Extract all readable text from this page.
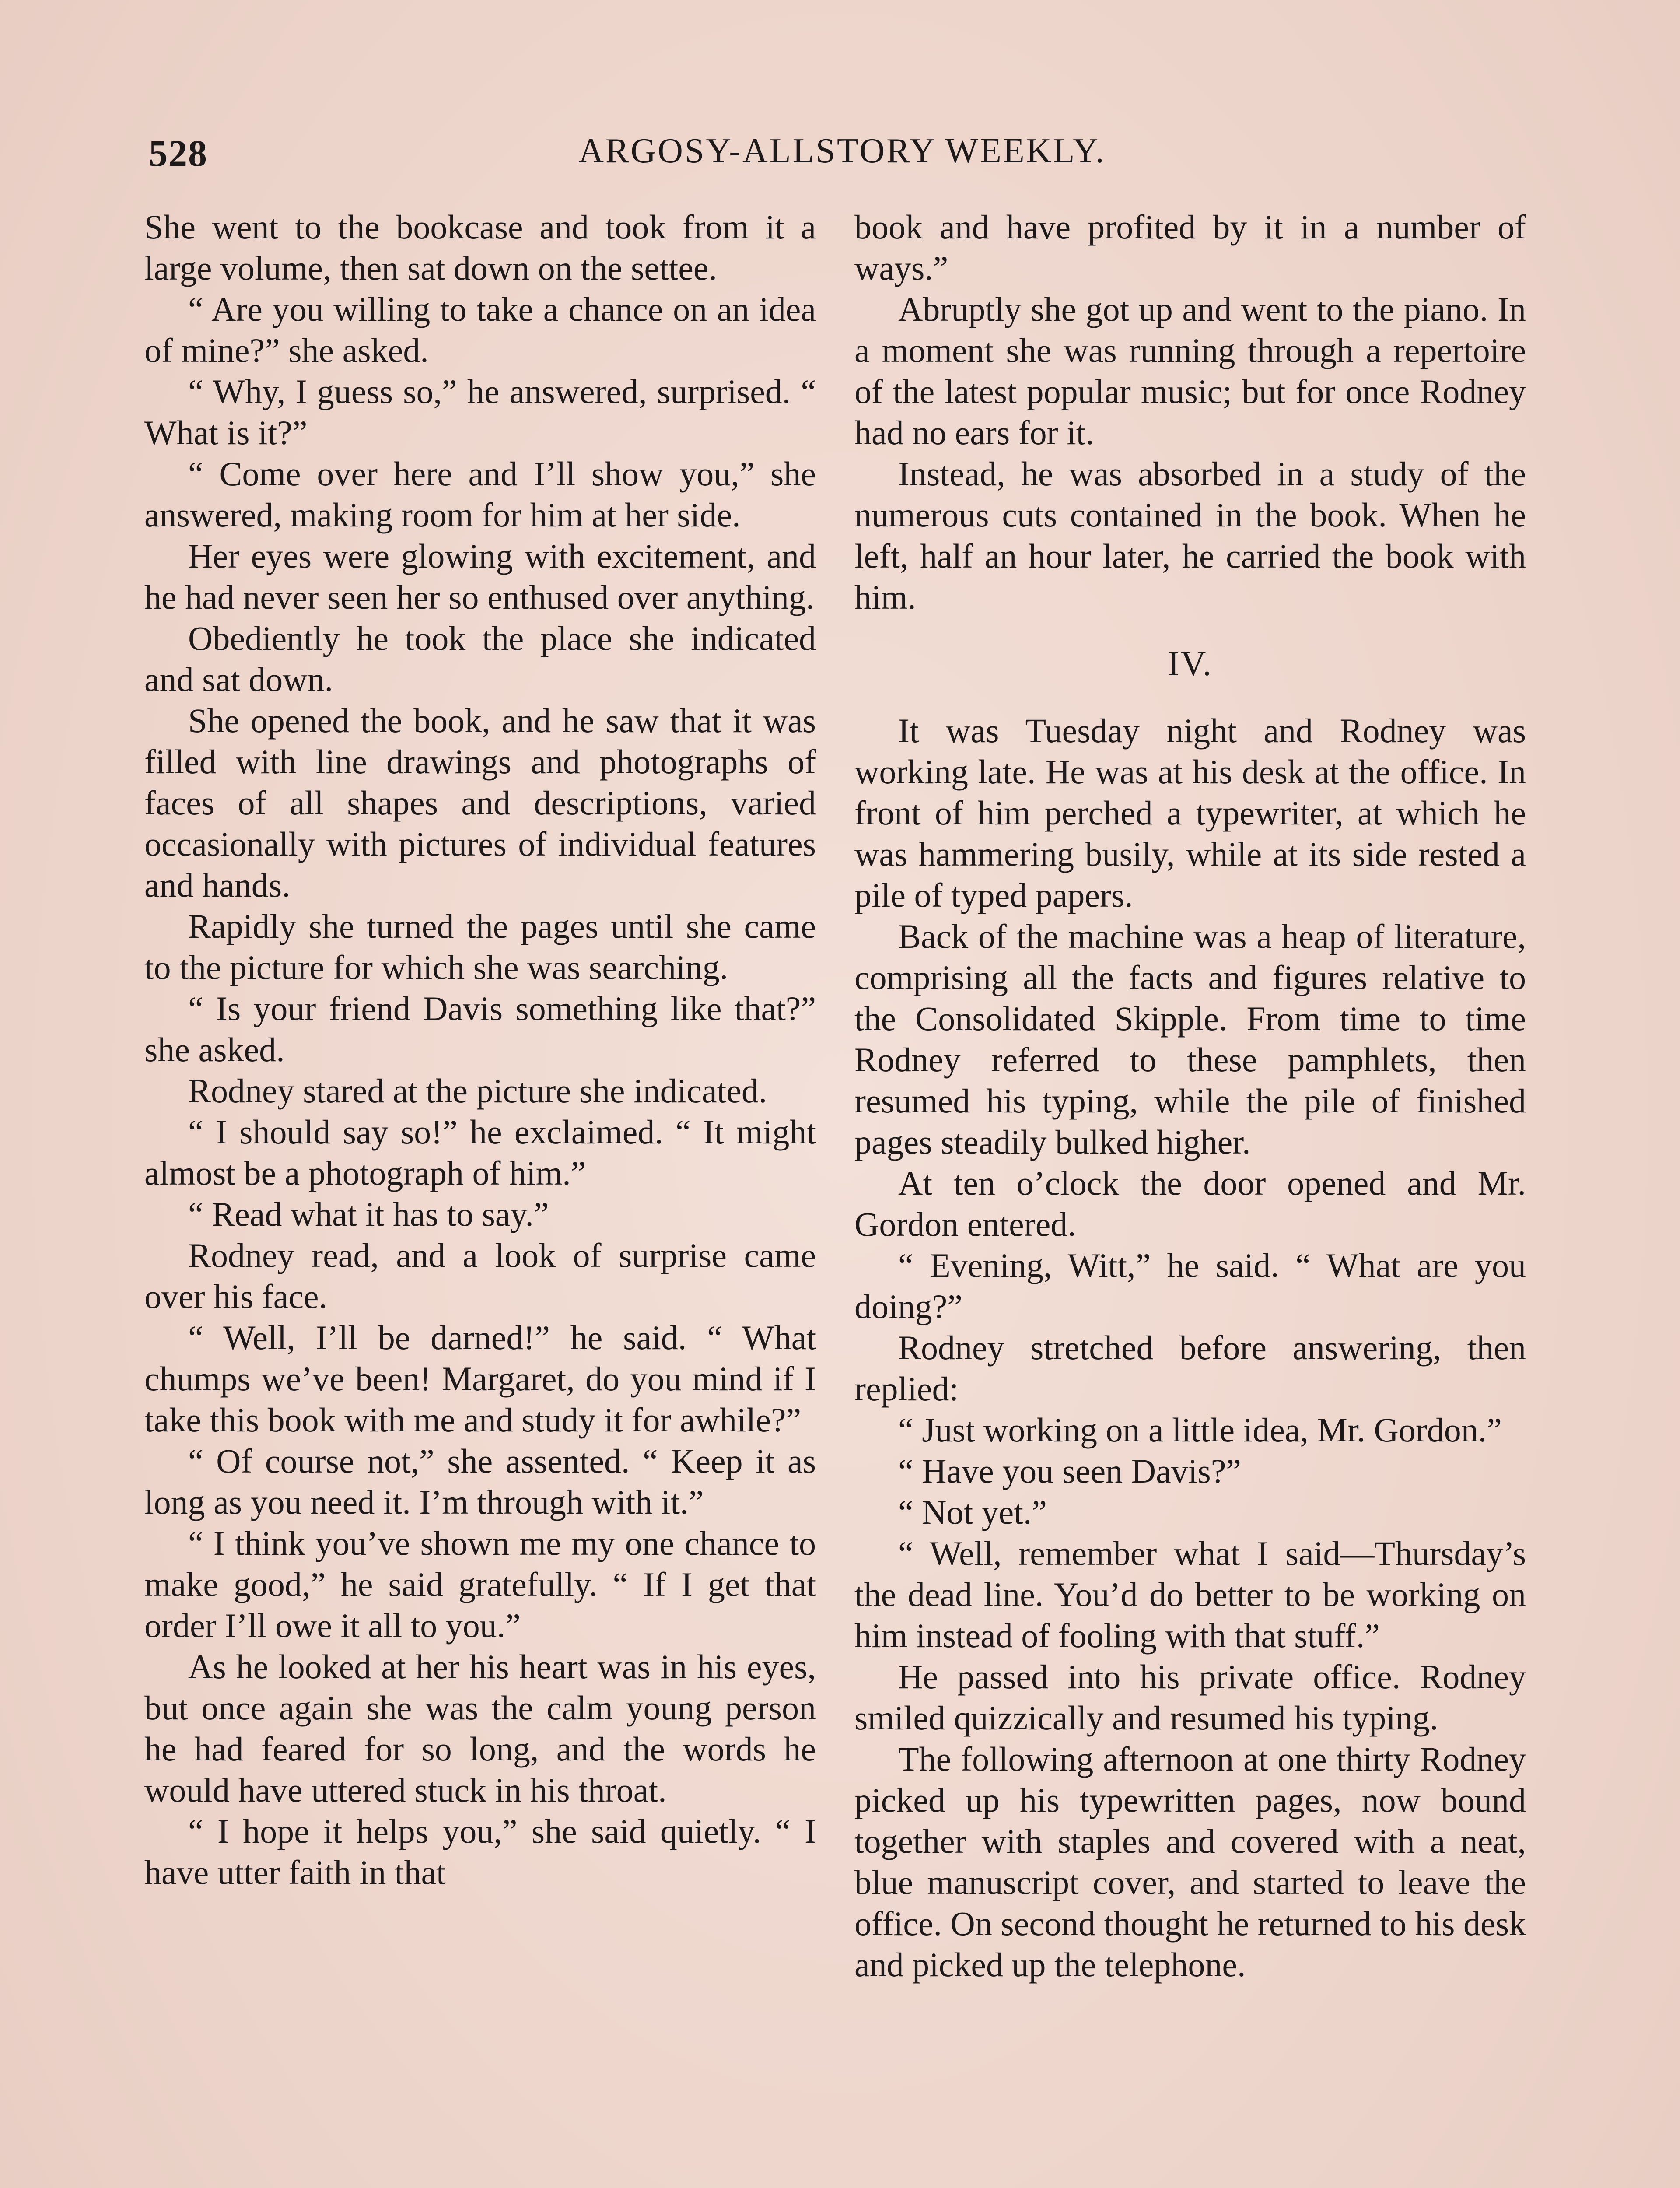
528	ARGOSY-ALLSTORY WEEKLY.

She went to the bookcase and took from it a large volume, then sat down on the settee.

“ Are you willing to take a chance on an idea of mine?” she asked.

“ Why, I guess so,” he answered, surprised. “ What is it?”

“ Come over here and I’ll show you,” she answered, making room for him at her side.

Her eyes were glowing with excitement, and he had never seen her so enthused over anything.

Obediently he took the place she indicated and sat down.

She opened the book, and he saw that it was filled with line drawings and photographs of faces of all shapes and descriptions, varied occasionally with pictures of individual features and hands.

Rapidly she turned the pages until she came to the picture for which she was searching.

“ Is your friend Davis something like that?” she asked.

Rodney stared at the picture she indicated.

“ I should say so!” he exclaimed. “ It might almost be a photograph of him.”

“ Read what it has to say.”

Rodney read, and a look of surprise came over his face.

“ Well, I’ll be darned!” he said. “ What chumps we’ve been! Margaret, do you mind if I take this book with me and study it for awhile?”

“ Of course not,” she assented. “ Keep it as long as you need it. I’m through with it.”

“ I think you’ve shown me my one chance to make good,” he said gratefully. “ If I get that order I’ll owe it all to you.”

As he looked at her his heart was in his eyes, but once again she was the calm young person he had feared for so long, and the words he would have uttered stuck in his throat.

“ I hope it helps you,” she said quietly. “ I have utter faith in that

book and have profited by it in a number of ways.”

Abruptly she got up and went to the piano. In a moment she was running through a repertoire of the latest popular music; but for once Rodney had no ears for it.

Instead, he was absorbed in a study of the numerous cuts contained in the book. When he left, half an hour later, he carried the book with him.

IV.

It was Tuesday night and Rodney was working late. He was at his desk at the office. In front of him perched a typewriter, at which he was hammering busily, while at its side rested a pile of typed papers.

Back of the machine was a heap of literature, comprising all the facts and figures relative to the Consolidated Skipple. From time to time Rodney referred to these pamphlets, then resumed his typing, while the pile of finished pages steadily bulked higher.

At ten o’clock the door opened and Mr. Gordon entered.

“ Evening, Witt,” he said. “ What are you doing?”

Rodney stretched before answering, then replied:

“ Just working on a little idea, Mr. Gordon.”

“ Have you seen Davis?”

“ Not yet.”

“ Well, remember what I said—Thursday’s the dead line. You’d do better to be working on him instead of fooling with that stuff.”

He passed into his private office. Rodney smiled quizzically and resumed his typing.

The following afternoon at one thirty Rodney picked up his typewritten pages, now bound together with staples and covered with a neat, blue manuscript cover, and started to leave the office. On second thought he returned to his desk and picked up the telephone.
